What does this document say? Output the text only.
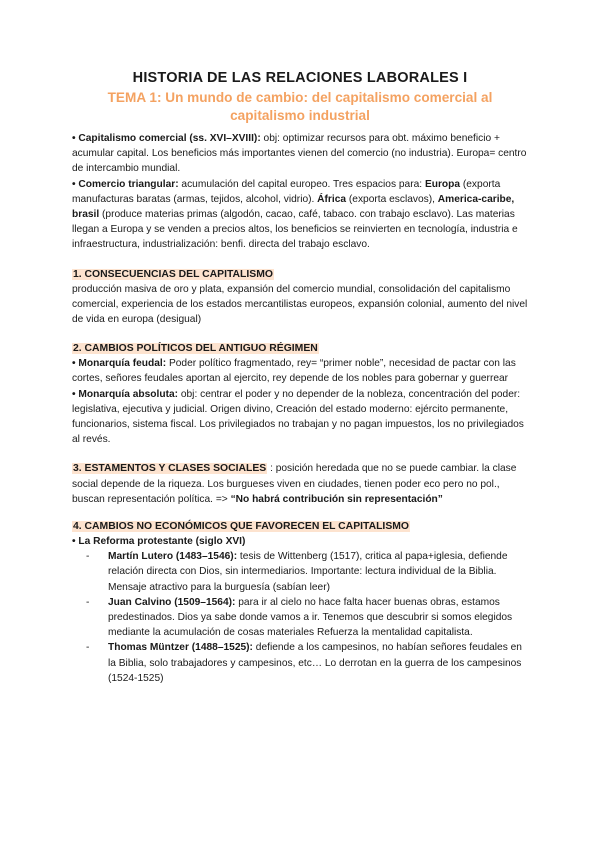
HISTORIA DE LAS RELACIONES LABORALES I
TEMA 1: Un mundo de cambio: del capitalismo comercial al capitalismo industrial

• Capitalismo comercial (ss. XVI–XVIII): obj: optimizar recursos para obt. máximo beneficio + acumular capital. Los beneficios más importantes vienen del comercio (no industria). Europa= centro de intercambio mundial.

• Comercio triangular: acumulación del capital europeo. Tres espacios para: Europa (exporta manufacturas baratas (armas, tejidos, alcohol, vidrio). África (exporta esclavos), America-caribe, brasil (produce materias primas (algodón, cacao, café, tabaco. con trabajo esclavo). Las materias llegan a Europa y se venden a precios altos, los beneficios se reinvierten en tecnología, industria e infraestructura, industrialización: benfi. directa del trabajo esclavo.

1. CONSECUENCIAS DEL CAPITALISMO

producción masiva de oro y plata, expansión del comercio mundial, consolidación del capitalismo comercial, experiencia de los estados mercantilistas europeos, expansión colonial, aumento del nivel de vida en europa (desigual)

2. CAMBIOS POLÍTICOS DEL ANTIGUO RÉGIMEN

• Monarquía feudal: Poder político fragmentado, rey= “primer noble”, necesidad de pactar con las cortes, señores feudales aportan al ejercito, rey depende de los nobles para gobernar y guerrear

• Monarquía absoluta: obj: centrar el poder y no depender de la nobleza, concentración del poder: legislativa, ejecutiva y judicial. Origen divino, Creación del estado moderno: ejército permanente, funcionarios, sistema fiscal. Los privilegiados no trabajan y no pagan impuestos, los no privilegiados al revés.

3. ESTAMENTOS Y CLASES SOCIALES : posición heredada que no se puede cambiar. la clase social depende de la riqueza. Los burgueses viven en ciudades, tienen poder eco pero no pol., buscan representación política. => “No habrá contribución sin representación”

4. CAMBIOS NO ECONÓMICOS QUE FAVORECEN EL CAPITALISMO

• La Reforma protestante (siglo XVI)

- Martín Lutero (1483–1546): tesis de Wittenberg (1517), critica al papa+iglesia, defiende relación directa con Dios, sin intermediarios. Importante: lectura individual de la Biblia. Mensaje atractivo para la burguesía (sabían leer)
- Juan Calvino (1509–1564): para ir al cielo no hace falta hacer buenas obras, estamos predestinados. Dios ya sabe donde vamos a ir. Tenemos que descubrir si somos elegidos mediante la acumulación de cosas materiales Refuerza la mentalidad capitalista.
- Thomas Müntzer (1488–1525): defiende a los campesinos, no habían señores feudales en la Biblia, solo trabajadores y campesinos, etc… Lo derrotan en la guerra de los campesinos (1524-1525)
